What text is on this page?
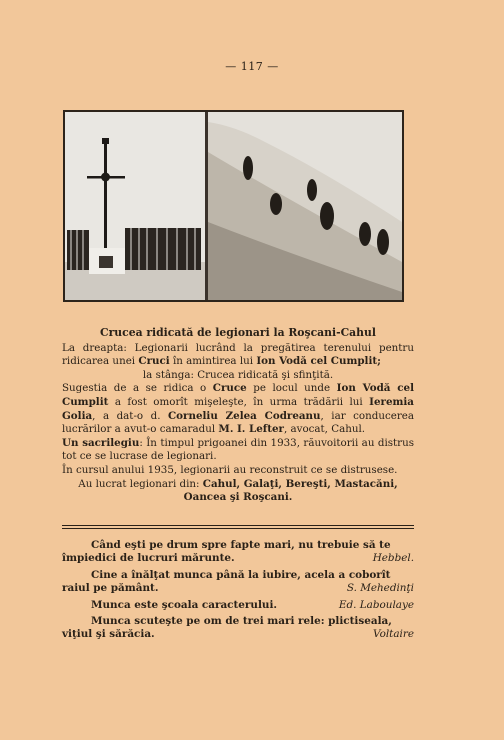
— 117 —
Crucea ridicată de legionari la Roşcani-Cahul

La dreapta: Legionarii lucrând la pregătirea terenului pentru ridicarea unei Cruci în amintirea lui Ion Vodă cel Cumplit;

la stânga: Crucea ridicată şi sfinţită.

Sugestia de a se ridica o Cruce pe locul unde Ion Vodă cel Cumplit a fost omorît mişeleşte, în urma trădării lui Ieremia Golia, a dat-o d. Corneliu Zelea Codreanu, iar conducerea lucrărilor a avut-o camaradul M. I. Lefter, avocat, Cahul.

Un sacrilegiu: În timpul prigoanei din 1933, răuvoitorii au distrus tot ce se lucrase de legionari.

În cursul anului 1935, legionarii au reconstruit ce se distrusese.

Au lucrat legionari din: Cahul, Galaţi, Bereşti, Mastacăni, Oancea şi Roşcani.

Când eşti pe drum spre fapte mari, nu trebuie să te
împiedici de lucruri mărunte.	Hebbel.
Cine a înălţat munca până la iubire, acela a coborît
raiul pe pământ.	S. Mehedinţi
Munca este şcoala caracterului.	Ed. Laboulaye
Munca scuteşte pe om de trei mari rele: plictiseala,
viţiul şi sărăcia.	Voltaire
